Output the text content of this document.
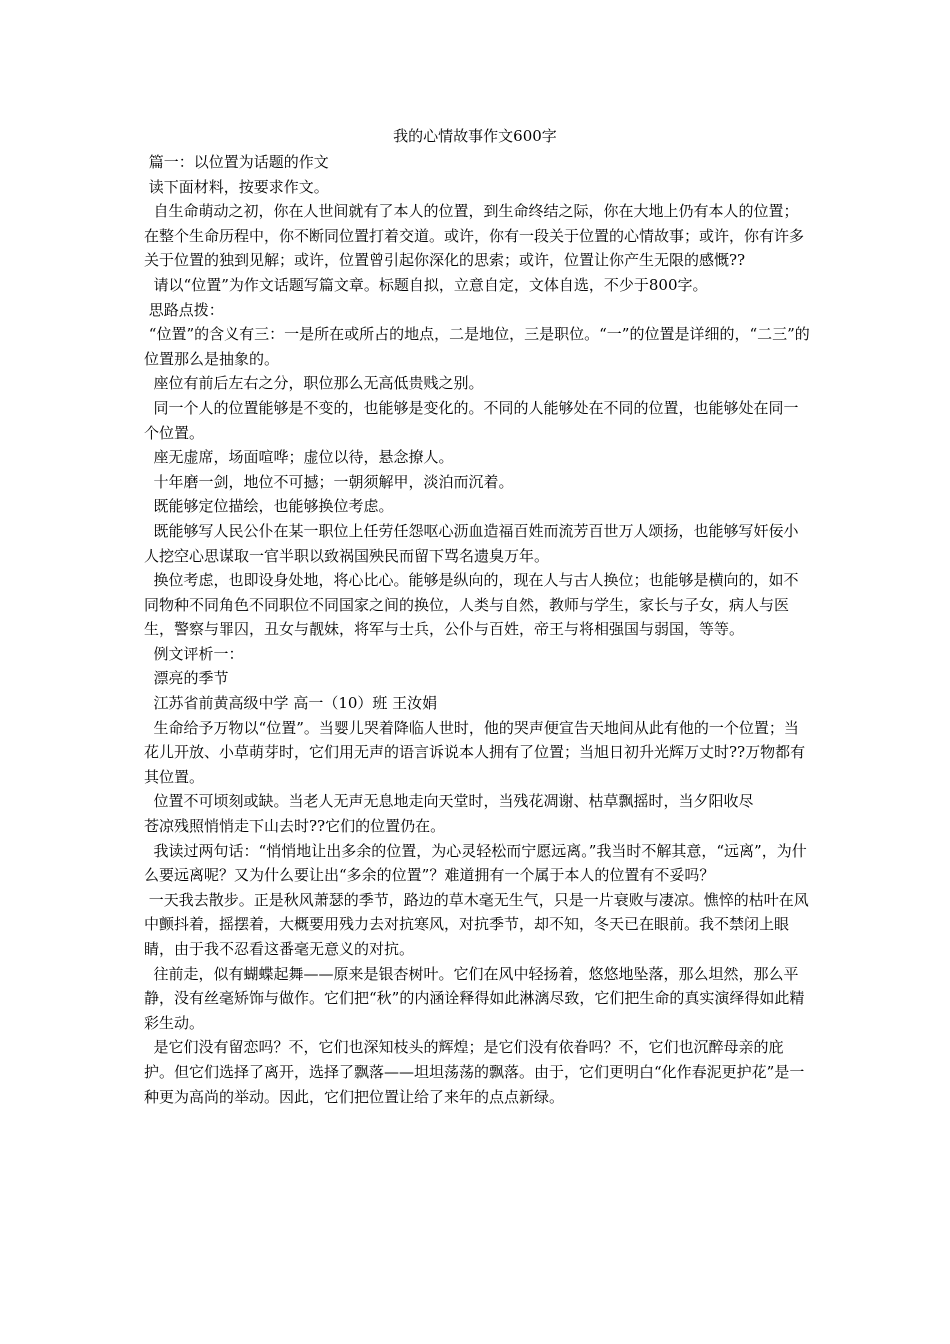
我的心情故事作文600字

篇一：以位置为话题的作文

读下面材料，按要求作文。

自生命萌动之初，你在人世间就有了本人的位置，到生命终结之际，你在大地上仍有本人的位置；在整个生命历程中，你不断同位置打着交道。或许，你有一段关于位置的心情故事；或许，你有许多关于位置的独到见解；或许，位置曾引起你深化的思索；或许，位置让你产生无限的感慨??

请以“位置”为作文话题写篇文章。标题自拟，立意自定，文体自选，不少于800字。

思路点拨：

“位置”的含义有三：一是所在或所占的地点，二是地位，三是职位。“一”的位置是详细的，“二三”的位置那么是抽象的。

座位有前后左右之分，职位那么无高低贵贱之别。

同一个人的位置能够是不变的，也能够是变化的。不同的人能够处在不同的位置，也能够处在同一个位置。

座无虚席，场面喧哗；虚位以待，悬念撩人。

十年磨一剑，地位不可撼；一朝须解甲，淡泊而沉着。

既能够定位描绘，也能够换位考虑。

既能够写人民公仆在某一职位上任劳任怨呕心沥血造福百姓而流芳百世万人颂扬，也能够写奸佞小人挖空心思谋取一官半职以致祸国殃民而留下骂名遗臭万年。

换位考虑，也即设身处地，将心比心。能够是纵向的，现在人与古人换位；也能够是横向的，如不同物种不同角色不同职位不同国家之间的换位，人类与自然，教师与学生，家长与子女，病人与医生，警察与罪囚，丑女与靓妹，将军与士兵，公仆与百姓，帝王与将相强国与弱国，等等。

例文评析一：

漂亮的季节

江苏省前黄高级中学 高一（10）班 王汝娟

生命给予万物以“位置”。当婴儿哭着降临人世时，他的哭声便宣告天地间从此有他的一个位置；当花儿开放、小草萌芽时，它们用无声的语言诉说本人拥有了位置；当旭日初升光辉万丈时??万物都有其位置。

位置不可顷刻或缺。当老人无声无息地走向天堂时，当残花凋谢、枯草飘摇时，当夕阳收尽

苍凉残照悄悄走下山去时??它们的位置仍在。

我读过两句话：“悄悄地让出多余的位置，为心灵轻松而宁愿远离。”我当时不解其意，“远离”，为什么要远离呢？又为什么要让出“多余的位置”？难道拥有一个属于本人的位置有不妥吗？

一天我去散步。正是秋风萧瑟的季节，路边的草木毫无生气，只是一片衰败与凄凉。憔悴的枯叶在风中颤抖着，摇摆着，大概要用残力去对抗寒风，对抗季节，却不知，冬天已在眼前。我不禁闭上眼睛，由于我不忍看这番毫无意义的对抗。

往前走，似有蝴蝶起舞——原来是银杏树叶。它们在风中轻扬着，悠悠地坠落，那么坦然，那么平静，没有丝毫矫饰与做作。它们把“秋”的内涵诠释得如此淋漓尽致，它们把生命的真实演绎得如此精彩生动。

是它们没有留恋吗？不，它们也深知枝头的辉煌；是它们没有依眷吗？不，它们也沉醉母亲的庇护。但它们选择了离开，选择了飘落——坦坦荡荡的飘落。由于，它们更明白“化作春泥更护花”是一种更为高尚的举动。因此，它们把位置让给了来年的点点新绿。
